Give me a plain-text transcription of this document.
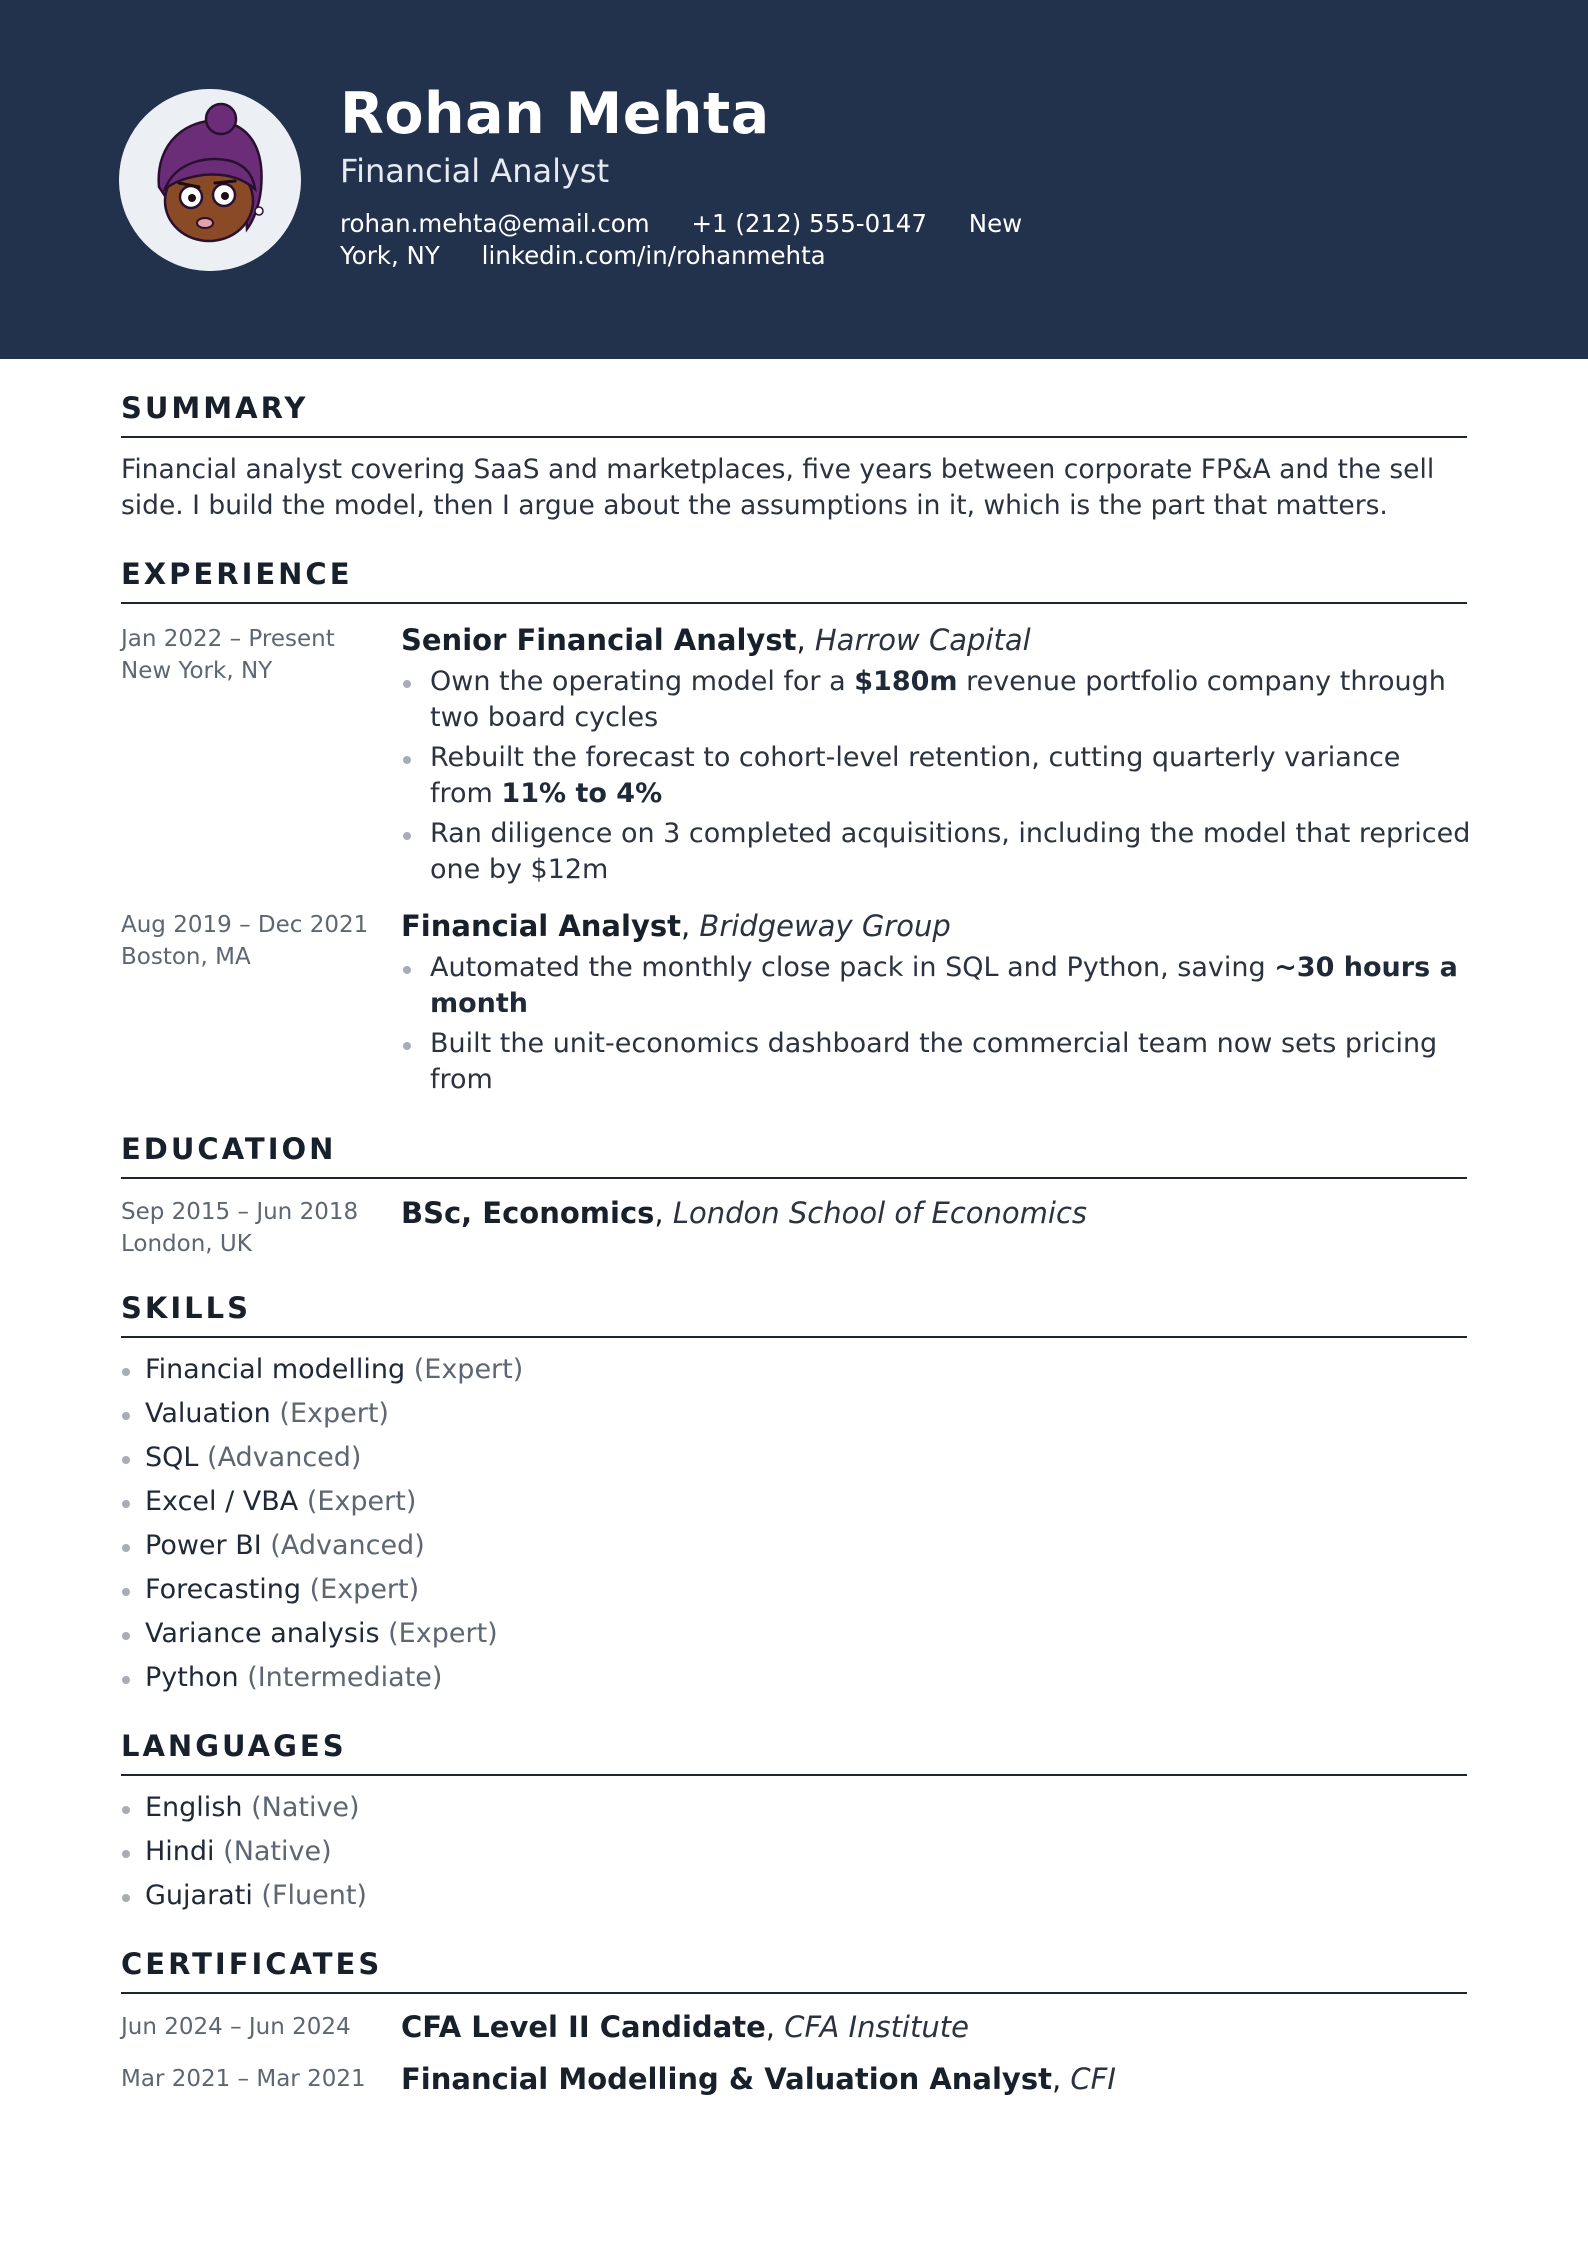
Rohan Mehta
Financial Analyst
rohan.mehta@email.com +1 (212) 555-0147 New York, NY linkedin.com/in/rohanmehta
SUMMARY
Financial analyst covering SaaS and marketplaces, five years between corporate FP&A and the sell side. I build the model, then I argue about the assumptions in it, which is the part that matters.
EXPERIENCE
Jan 2022 – Present
New York, NY
Senior Financial Analyst, Harrow Capital
Own the operating model for a $180m revenue portfolio company through two board cycles
Rebuilt the forecast to cohort-level retention, cutting quarterly variance from 11% to 4%
Ran diligence on 3 completed acquisitions, including the model that repriced one by $12m
Aug 2019 – Dec 2021
Boston, MA
Financial Analyst, Bridgeway Group
Automated the monthly close pack in SQL and Python, saving ~30 hours a month
Built the unit-economics dashboard the commercial team now sets pricing from
EDUCATION
Sep 2015 – Jun 2018
London, UK
BSc, Economics, London School of Economics
SKILLS
Financial modelling (Expert)
Valuation (Expert)
SQL (Advanced)
Excel / VBA (Expert)
Power BI (Advanced)
Forecasting (Expert)
Variance analysis (Expert)
Python (Intermediate)
LANGUAGES
English (Native)
Hindi (Native)
Gujarati (Fluent)
CERTIFICATES
Jun 2024 – Jun 2024	CFA Level II Candidate, CFA Institute
Mar 2021 – Mar 2021	Financial Modelling & Valuation Analyst, CFI
